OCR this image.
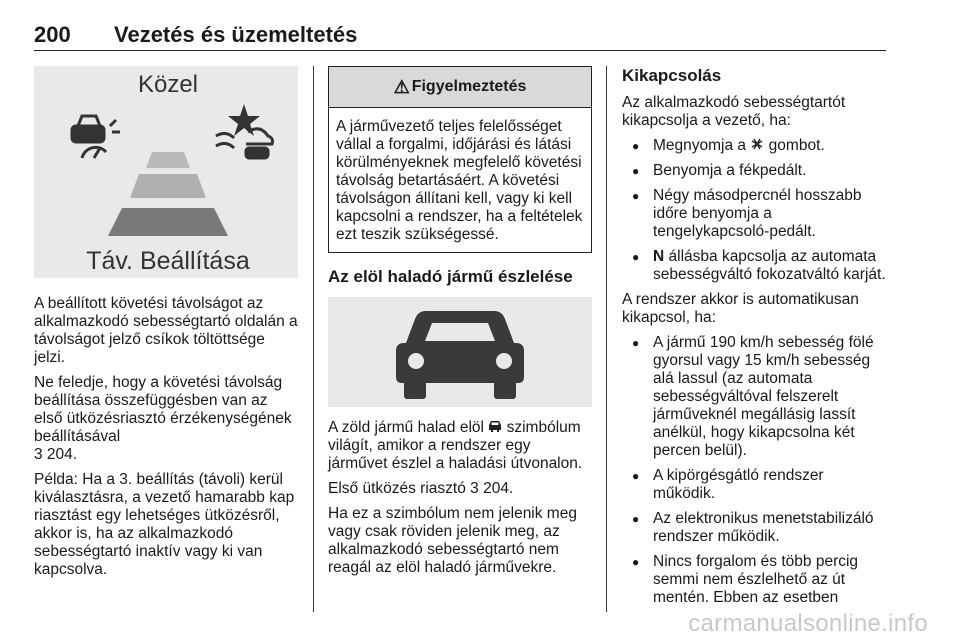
200 Vezetés és üzemeltetés
Közel
Táv. Beállítása

A beállított követési távolságot az alkalmazkodó sebességtartó oldalán a távolságot jelző csíkok töltöttsége jelzi.

Ne feledje, hogy a követési távolság beállítása összefüggésben van az első ütközésriasztó érzékenységének beállításával
3 204.

Példa: Ha a 3. beállítás (távoli) kerül kiválasztásra, a vezető hamarabb kap riasztást egy lehetséges ütközésről, akkor is, ha az alkalmazkodó sebességtartó inaktív vagy ki van kapcsolva.

⚠ Figyelmeztetés
A járművezető teljes felelősséget vállal a forgalmi, időjárási és látási körülményeknek megfelelő követési távolság betartásáért. A követési távolságon állítani kell, vagy ki kell kapcsolni a rendszer, ha a feltételek ezt teszik szükségessé.
Az elöl haladó jármű észlelése

A zöld jármű halad elöl szimbólum világít, amikor a rendszer egy járművet észlel a haladási útvonalon.

Első ütközés riasztó 3 204.

Ha ez a szimbólum nem jelenik meg vagy csak röviden jelenik meg, az alkalmazkodó sebességtartó nem reagál az elöl haladó járművekre.

Kikapcsolás

Az alkalmazkodó sebességtartót kikapcsolja a vezető, ha:

● Megnyomja a gombot.
● Benyomja a fékpedált.
● Négy másodpercnél hosszabb időre benyomja a tengelykapcsoló-pedált.
● N állásba kapcsolja az automata sebességváltó fokozatváltó karját.

A rendszer akkor is automatikusan kikapcsol, ha:

● A jármű 190 km/h sebesség fölé gyorsul vagy 15 km/h sebesség alá lassul (az automata sebességváltóval felszerelt járműveknél megállásig lassít anélkül, hogy kikapcsolna két percen belül).
● A kipörgésgátló rendszer működik.
● Az elektronikus menetstabilizáló rendszer működik.
● Nincs forgalom és több percig semmi nem észlelhető az út mentén. Ebben az esetben
carmanualsonline.info
